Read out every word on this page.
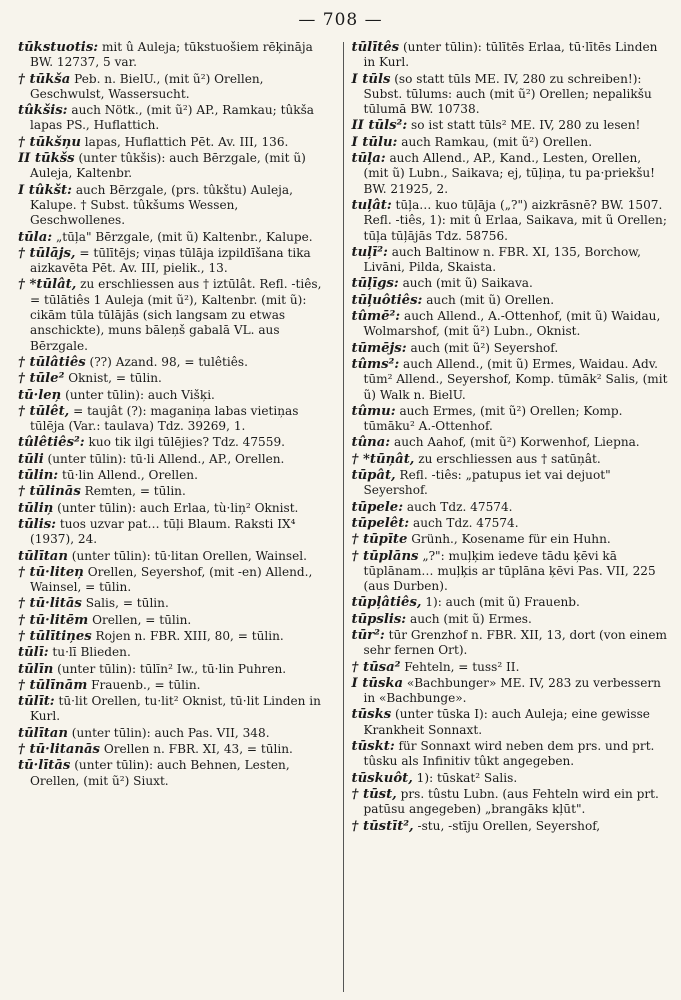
— 708 —

tūkstuotis: mit û Auleja; tūkstuošiem rēķināja BW. 12737, 5 var.

† tūkša Peb. n. BielU., (mit ũ²) Orellen, Geschwulst, Wassersucht.

tûkšis: auch Nötk., (mit ũ²) AP., Ramkau; tûkša lapas PS., Huflattich.

† tūkšņu lapas, Huflattich Pēt. Av. III, 136.

II tūkšs (unter tûkšis): auch Bērzgale, (mit ũ) Auleja, Kaltenbr.

I tûkšt: auch Bērzgale, (prs. tûkštu) Auleja, Kalupe. † Subst. tûkšums Wessen, Geschwollenes.

tūla: „tūļa" Bērzgale, (mit ũ) Kaltenbr., Kalupe.

† tūlājs, = tūlītējs; viņas tūlāja izpildīšana tika aizkavēta Pēt. Av. III, pielik., 13.

† *tūlât, zu erschliessen aus † iztūlât. Refl. -tiês, = tūlātiês 1 Auleja (mit ũ²), Kaltenbr. (mit ũ): cikām tūla tūlājās (sich langsam zu etwas anschickte), muns bāleņš gabalā VL. aus Bērzgale.

† tūlâtiês (??) Azand. 98, = tulêtiês.

† tūle² Oknist, = tūlin.

tū·leņ (unter tūlin): auch Višķi.

† tūlêt, = taujât (?): maganiņa labas vietiņas tūlēja (Var.: taulava) Tdz. 39269, 1.

tûlêtiês²: kuo tik ilgi tūlējies? Tdz. 47559.

tūli (unter tūlin): tū·li Allend., AP., Orellen.

tūlin: tū·lin Allend., Orellen.

† tūlinās Remten, = tūlin.

tūliņ (unter tūlin): auch Erlaa, tù·liņ² Oknist.

tūlis: tuos uzvar pat… tūļi Blaum. Raksti IX⁴ (1937), 24.

tūlītan (unter tūlin): tū·litan Orellen, Wainsel.

† tū·liteņ Orellen, Seyershof, (mit -en) Allend., Wainsel, = tūlin.

† tū·litās Salis, = tūlin.

† tū·litēm Orellen, = tūlin.

† tūlītiņes Rojen n. FBR. XIII, 80, = tūlin.

tūlī: tu·lī Blieden.

tūlīn (unter tūlin): tūlīn² Iw., tū·lin Puhren.

† tūlīnām Frauenb., = tūlin.

tūlīt: tū·lit Orellen, tu·lit² Oknist, tū·lit Linden in Kurl.

tūlītan (unter tūlin): auch Pas. VII, 348.

† tū·litanās Orellen n. FBR. XI, 43, = tūlin.

tū·lītās (unter tūlin): auch Behnen, Lesten, Orellen, (mit ũ²) Siuxt.

tūlītês (unter tūlin): tūlītēs Erlaa, tū·lītēs Linden in Kurl.

I tūls (so statt tūls ME. IV, 280 zu schreiben!): Subst. tūlums: auch (mit ũ²) Orellen; nepalikšu tūlumā BW. 10738.

II tūls²: so ist statt tūls² ME. IV, 280 zu lesen!

I tūlu: auch Ramkau, (mit ũ²) Orellen.

tūļa: auch Allend., AP., Kand., Lesten, Orellen, (mit ũ) Lubn., Saikava; ej, tūļiņa, tu pa·priekšu! BW. 21925, 2.

tuļât: tūļa… kuo tūļāja („?") aizkrāsnē? BW. 1507. Refl. -tiês, 1): mit û Erlaa, Saikava, mit ũ Orellen; tūļa tūļājās Tdz. 58756.

tuļī²: auch Baltinow n. FBR. XI, 135, Borchow, Livāni, Pilda, Skaista.

tūļīgs: auch (mit ũ) Saikava.

tūļuôtiês: auch (mit ũ) Orellen.

tûmē²: auch Allend., A.-Ottenhof, (mit ũ) Waidau, Wolmarshof, (mit ũ²) Lubn., Oknist.

tūmējs: auch (mit ũ²) Seyershof.

tûms²: auch Allend., (mit ũ) Ermes, Waidau. Adv. tūm² Allend., Seyershof, Komp. tūmāk² Salis, (mit ũ) Walk n. BielU.

tûmu: auch Ermes, (mit ũ²) Orellen; Komp. tūmāku² A.-Ottenhof.

tûna: auch Aahof, (mit ũ²) Korwenhof, Liepna.

† *tūņât, zu erschliessen aus † satūņât.

tūpât, Refl. -tiês: „patupus iet vai dejuot" Seyershof.

tūpele: auch Tdz. 47574.

tūpelêt: auch Tdz. 47574.

† tūpīte Grünh., Kosename für ein Huhn.

† tūplāns „?": muļķim iedeve tādu ķēvi kā tūplānam… muļķis ar tūplāna ķēvi Pas. VII, 225 (aus Durben).

tūpļâtiês, 1): auch (mit ũ) Frauenb.

tūpslis: auch (mit ũ) Ermes.

tūr²: tūr Grenzhof n. FBR. XII, 13, dort (von einem sehr fernen Ort).

† tūsa² Fehteln, = tuss² II.

I tūska «Bachbunger» ME. IV, 283 zu verbessern in «Bachbunge».

tūsks (unter tūska I): auch Auleja; eine gewisse Krankheit Sonnaxt.

tūskt: für Sonnaxt wird neben dem prs. und prt. tûsku als Infinitiv tûkt angegeben.

tūskuôt, 1): tūskat² Salis.

† tūst, prs. tûstu Lubn. (aus Fehteln wird ein prt. patūsu angegeben) „brangāks kļūt".

† tūstīt², -stu, -stīju Orellen, Seyershof,
